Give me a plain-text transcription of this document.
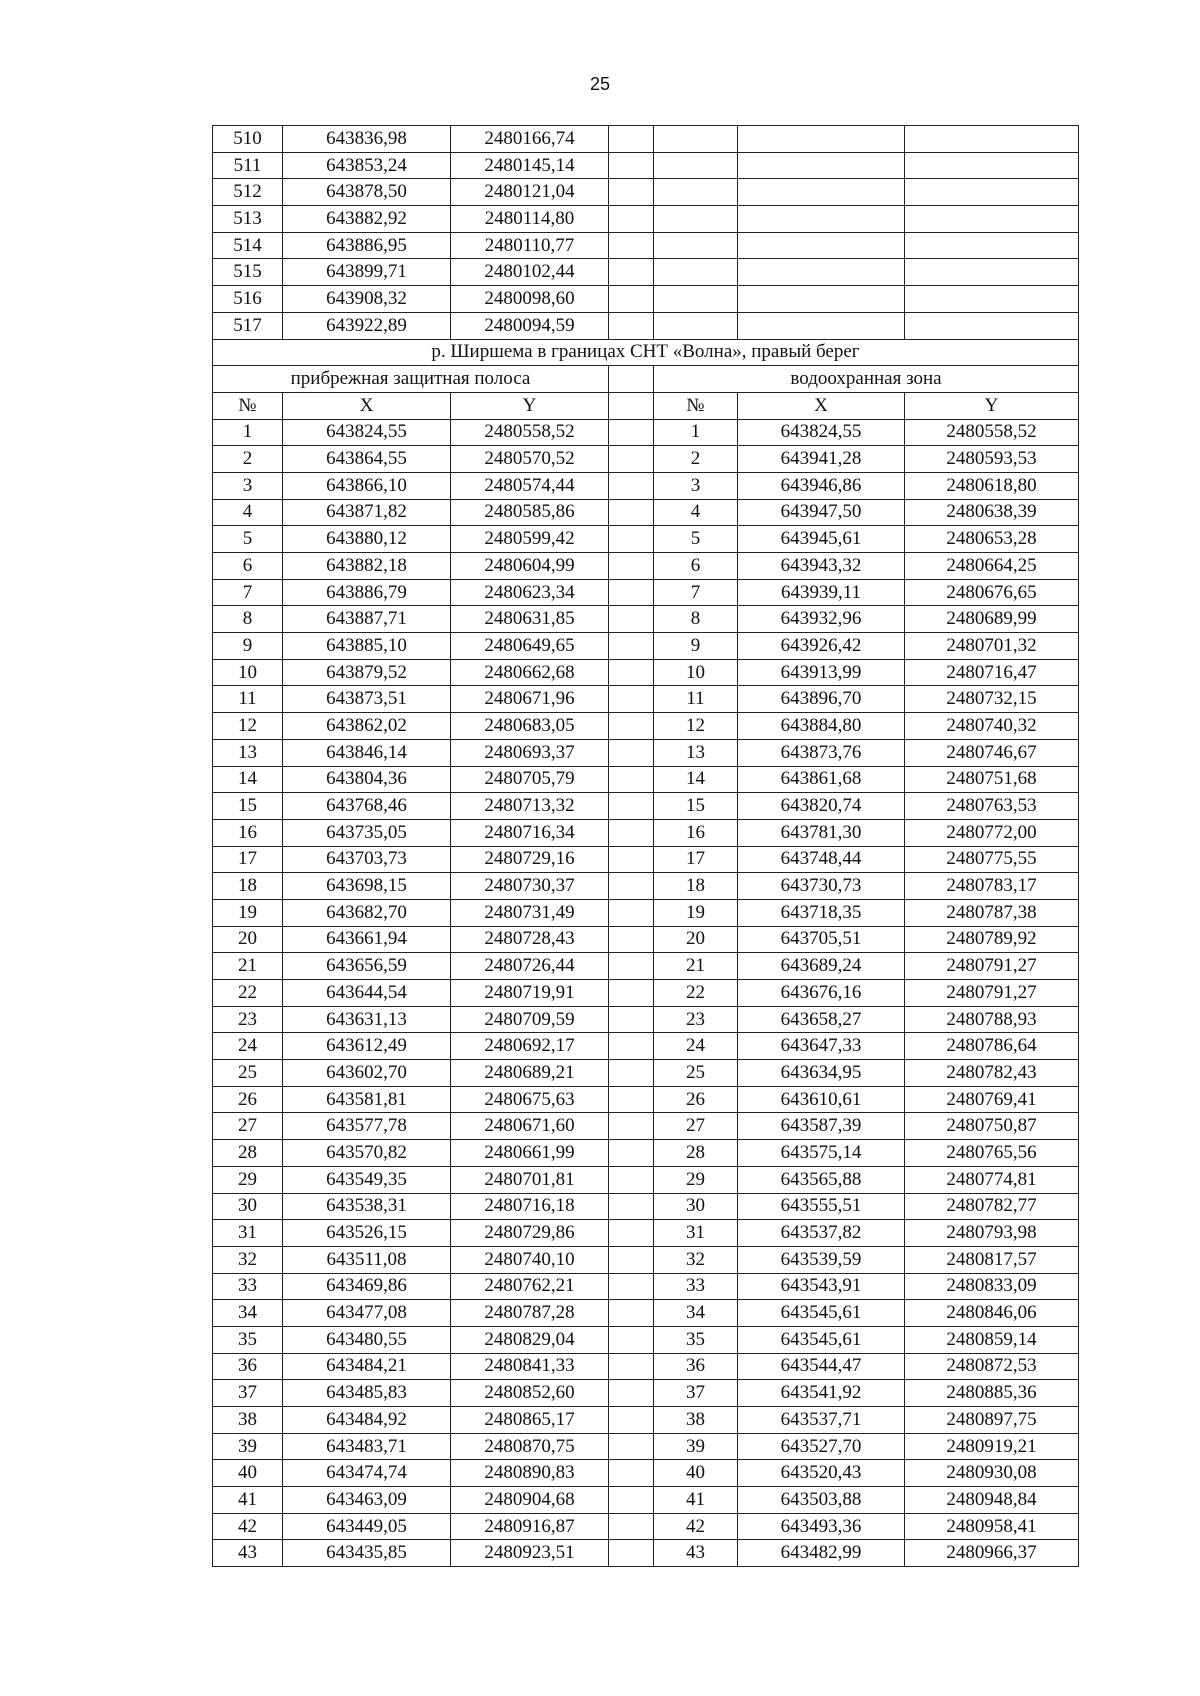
25
510	643836,98	2480166,74				
511	643853,24	2480145,14				
512	643878,50	2480121,04				
513	643882,92	2480114,80				
514	643886,95	2480110,77				
515	643899,71	2480102,44				
516	643908,32	2480098,60				
517	643922,89	2480094,59				
р. Ширшема в границах СНТ «Волна», правый берег						
прибрежная защитная полоса				водоохранная зона		
№	X	Y		№	X	Y
1	643824,55	2480558,52		1	643824,55	2480558,52
2	643864,55	2480570,52		2	643941,28	2480593,53
3	643866,10	2480574,44		3	643946,86	2480618,80
4	643871,82	2480585,86		4	643947,50	2480638,39
5	643880,12	2480599,42		5	643945,61	2480653,28
6	643882,18	2480604,99		6	643943,32	2480664,25
7	643886,79	2480623,34		7	643939,11	2480676,65
8	643887,71	2480631,85		8	643932,96	2480689,99
9	643885,10	2480649,65		9	643926,42	2480701,32
10	643879,52	2480662,68		10	643913,99	2480716,47
11	643873,51	2480671,96		11	643896,70	2480732,15
12	643862,02	2480683,05		12	643884,80	2480740,32
13	643846,14	2480693,37		13	643873,76	2480746,67
14	643804,36	2480705,79		14	643861,68	2480751,68
15	643768,46	2480713,32		15	643820,74	2480763,53
16	643735,05	2480716,34		16	643781,30	2480772,00
17	643703,73	2480729,16		17	643748,44	2480775,55
18	643698,15	2480730,37		18	643730,73	2480783,17
19	643682,70	2480731,49		19	643718,35	2480787,38
20	643661,94	2480728,43		20	643705,51	2480789,92
21	643656,59	2480726,44		21	643689,24	2480791,27
22	643644,54	2480719,91		22	643676,16	2480791,27
23	643631,13	2480709,59		23	643658,27	2480788,93
24	643612,49	2480692,17		24	643647,33	2480786,64
25	643602,70	2480689,21		25	643634,95	2480782,43
26	643581,81	2480675,63		26	643610,61	2480769,41
27	643577,78	2480671,60		27	643587,39	2480750,87
28	643570,82	2480661,99		28	643575,14	2480765,56
29	643549,35	2480701,81		29	643565,88	2480774,81
30	643538,31	2480716,18		30	643555,51	2480782,77
31	643526,15	2480729,86		31	643537,82	2480793,98
32	643511,08	2480740,10		32	643539,59	2480817,57
33	643469,86	2480762,21		33	643543,91	2480833,09
34	643477,08	2480787,28		34	643545,61	2480846,06
35	643480,55	2480829,04		35	643545,61	2480859,14
36	643484,21	2480841,33		36	643544,47	2480872,53
37	643485,83	2480852,60		37	643541,92	2480885,36
38	643484,92	2480865,17		38	643537,71	2480897,75
39	643483,71	2480870,75		39	643527,70	2480919,21
40	643474,74	2480890,83		40	643520,43	2480930,08
41	643463,09	2480904,68		41	643503,88	2480948,84
42	643449,05	2480916,87		42	643493,36	2480958,41
43	643435,85	2480923,51		43	643482,99	2480966,37
